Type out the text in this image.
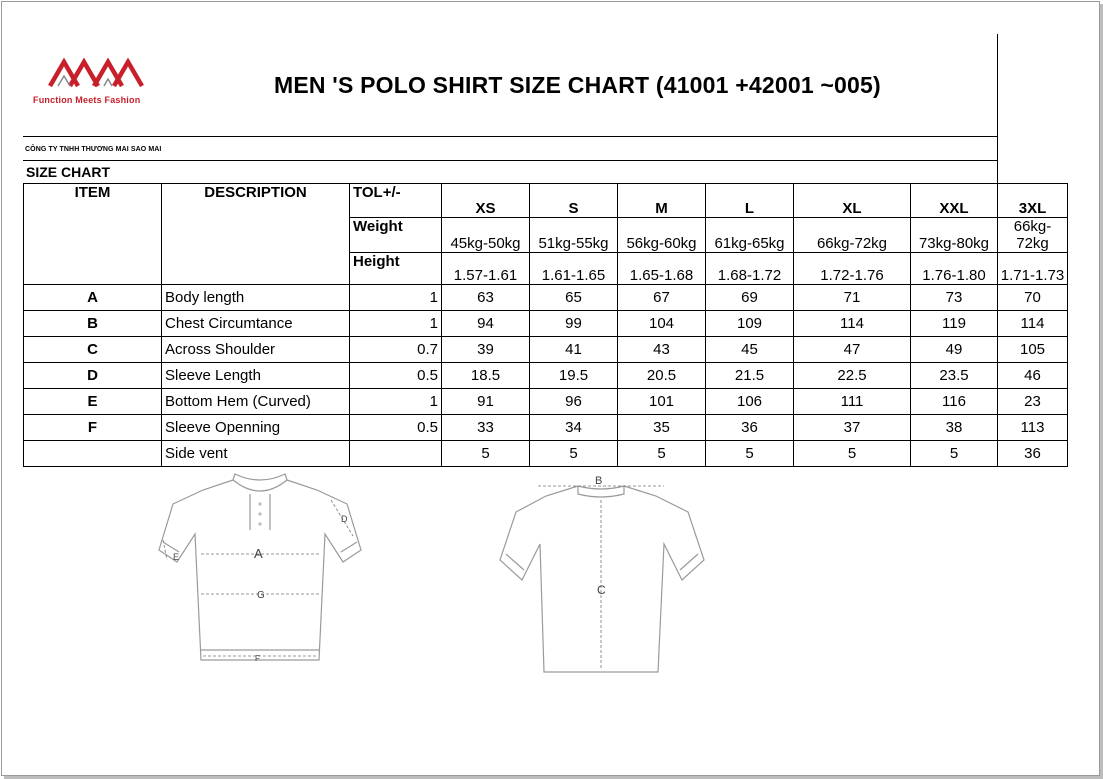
Function Meets Fashion
MEN 'S POLO SHIRT SIZE CHART (41001 +42001 ~005)
CÔNG TY TNHH THƯƠNG MAI SAO MAI
SIZE CHART
ITEM	DESCRIPTION	TOL+/-	XS	S	M	L	XL	XXL	3XL
		Weight	45kg-50kg	51kg-55kg	56kg-60kg	61kg-65kg	66kg-72kg	73kg-80kg	66kg-72kg
		Height	1.57-1.61	1.61-1.65	1.65-1.68	1.68-1.72	1.72-1.76	1.76-1.80	1.71-1.73
A	Body length	1	63	65	67	69	71	73	70
B	Chest Circumtance	1	94	99	104	109	114	119	114
C	Across Shoulder	0.7	39	41	43	45	47	49	105
D	Sleeve Length	0.5	18.5	19.5	20.5	21.5	22.5	23.5	46
E	Bottom Hem (Curved)	1	91	96	101	106	111	116	23
F	Sleeve Openning	0.5	33	34	35	36	37	38	113
	Side vent		5	5	5	5	5	5	36
A
D
E
G
F
B
C
